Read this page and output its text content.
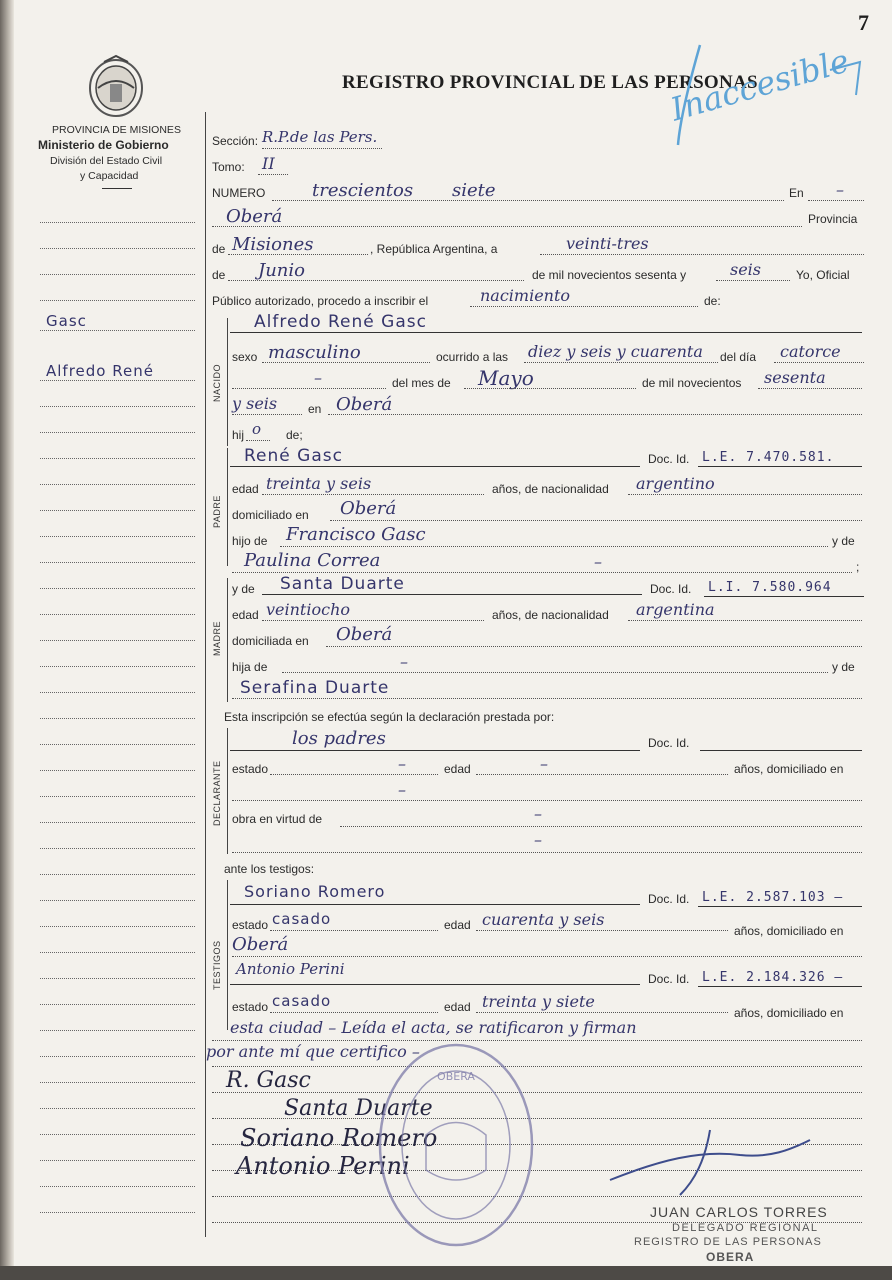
7
PROVINCIA DE MISIONES
Ministerio de Gobierno
División del Estado Civil
y Capacidad
REGISTRO PROVINCIAL DE LAS PERSONAS
Inaccesible
Gasc
Alfredo René
Sección: R.P.de las Pers.
Tomo: II
NUMERO	trescientos siete	En –
Oberá	Provincia
de Misiones	, República Argentina, a	veinti-tres
de Junio	de mil novecientos sesenta y	seis	Yo, Oficial
Público autorizado, procedo a inscribir el	nacimiento	de:
NACIDO
Alfredo René Gasc
sexo masculino	ocurrido a las diez y seis y cuarenta del día catorce
–	del mes de Mayo	de mil novecientos sesenta
y seis	en Oberá
hij o de;
PADRE
René Gasc	Doc. Id. L.E. 7.470.581.
edad treinta y seis	años, de nacionalidad argentino
domiciliado en Oberá
hijo de Francisco Gasc	y de
Paulina Correa	–	;
MADRE
y de Santa Duarte	Doc. Id. L.I. 7.580.964
edad veintiocho	años, de nacionalidad argentina
domiciliada en Oberá
hija de	–	y de
Serafina Duarte
Esta inscripción se efectúa según la declaración prestada por:
DECLARANTE
los padres	Doc. Id.
estado	–	edad	–	años, domiciliado en
–
obra en virtud de	–
–
ante los testigos:
TESTIGOS
Soriano Romero	Doc. Id. L.E. 2.587.103 –
estado casado	edad cuarenta y seis
años, domiciliado en
Oberá
Antonio Perini
Doc. Id. L.E. 2.184.326 –
estado casado	edad treinta y siete
años, domiciliado en
esta ciudad – Leída el acta, se ratificaron y firman
por ante mí que certifico –
R. Gasc
Santa Duarte
Soriano Romero
Antonio Perini
OBERA
JUAN CARLOS TORRES
DELEGADO REGIONAL
REGISTRO DE LAS PERSONAS
OBERA
